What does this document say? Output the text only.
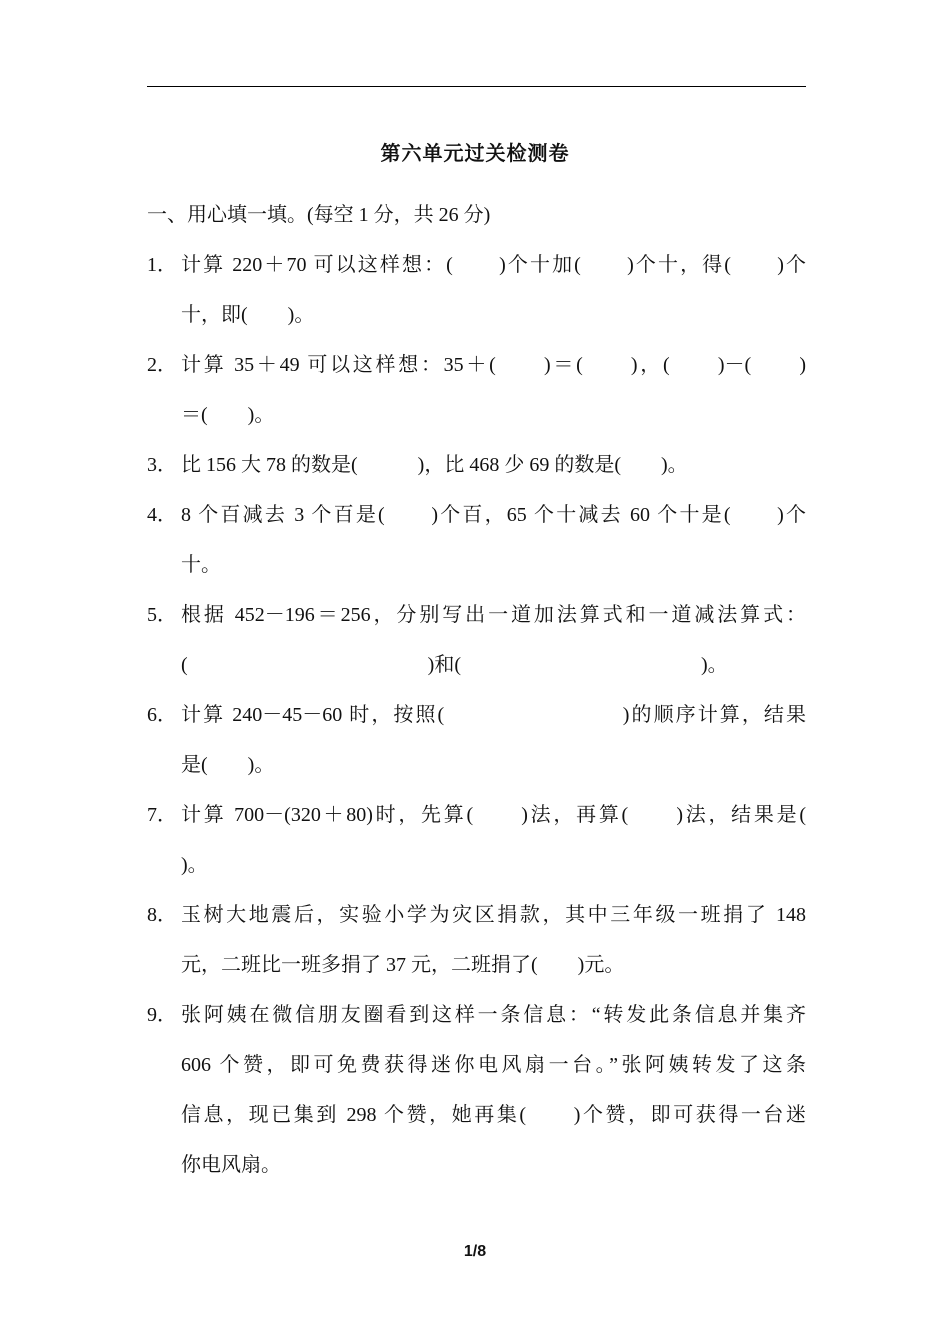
第六单元过关检测卷
一、用心填一填。(每空 1 分，共 26 分)
1． 计算 220＋70 可以这样想：(　　)个十加(　　)个十，得(　　)个
十，即(　　)。
2． 计算 35＋49 可以这样想：35＋(　　)＝(　　)，(　　)－(　　)
＝(　　)。
3． 比 156 大 78 的数是(　　　)，比 468 少 69 的数是(　　)。
4． 8 个百减去 3 个百是(　　)个百，65 个十减去 60 个十是(　　)个
十。
5． 根据 452－196＝256，分别写出一道加法算式和一道减法算式：
(　　　　　　　　　　　　)和(　　　　　　　　　　　　)。
6． 计算 240－45－60 时，按照(　　　　　　　　)的顺序计算，结果
是(　　)。
7． 计算 700－(320＋80)时，先算(　　)法，再算(　　)法，结果是(
)。
8． 玉树大地震后，实验小学为灾区捐款，其中三年级一班捐了 148
元，二班比一班多捐了 37 元，二班捐了(　　)元。
9． 张阿姨在微信朋友圈看到这样一条信息：“转发此条信息并集齐
606 个赞，即可免费获得迷你电风扇一台。”张阿姨转发了这条
信息，现已集到 298 个赞，她再集(　　)个赞，即可获得一台迷
你电风扇。
1/8
